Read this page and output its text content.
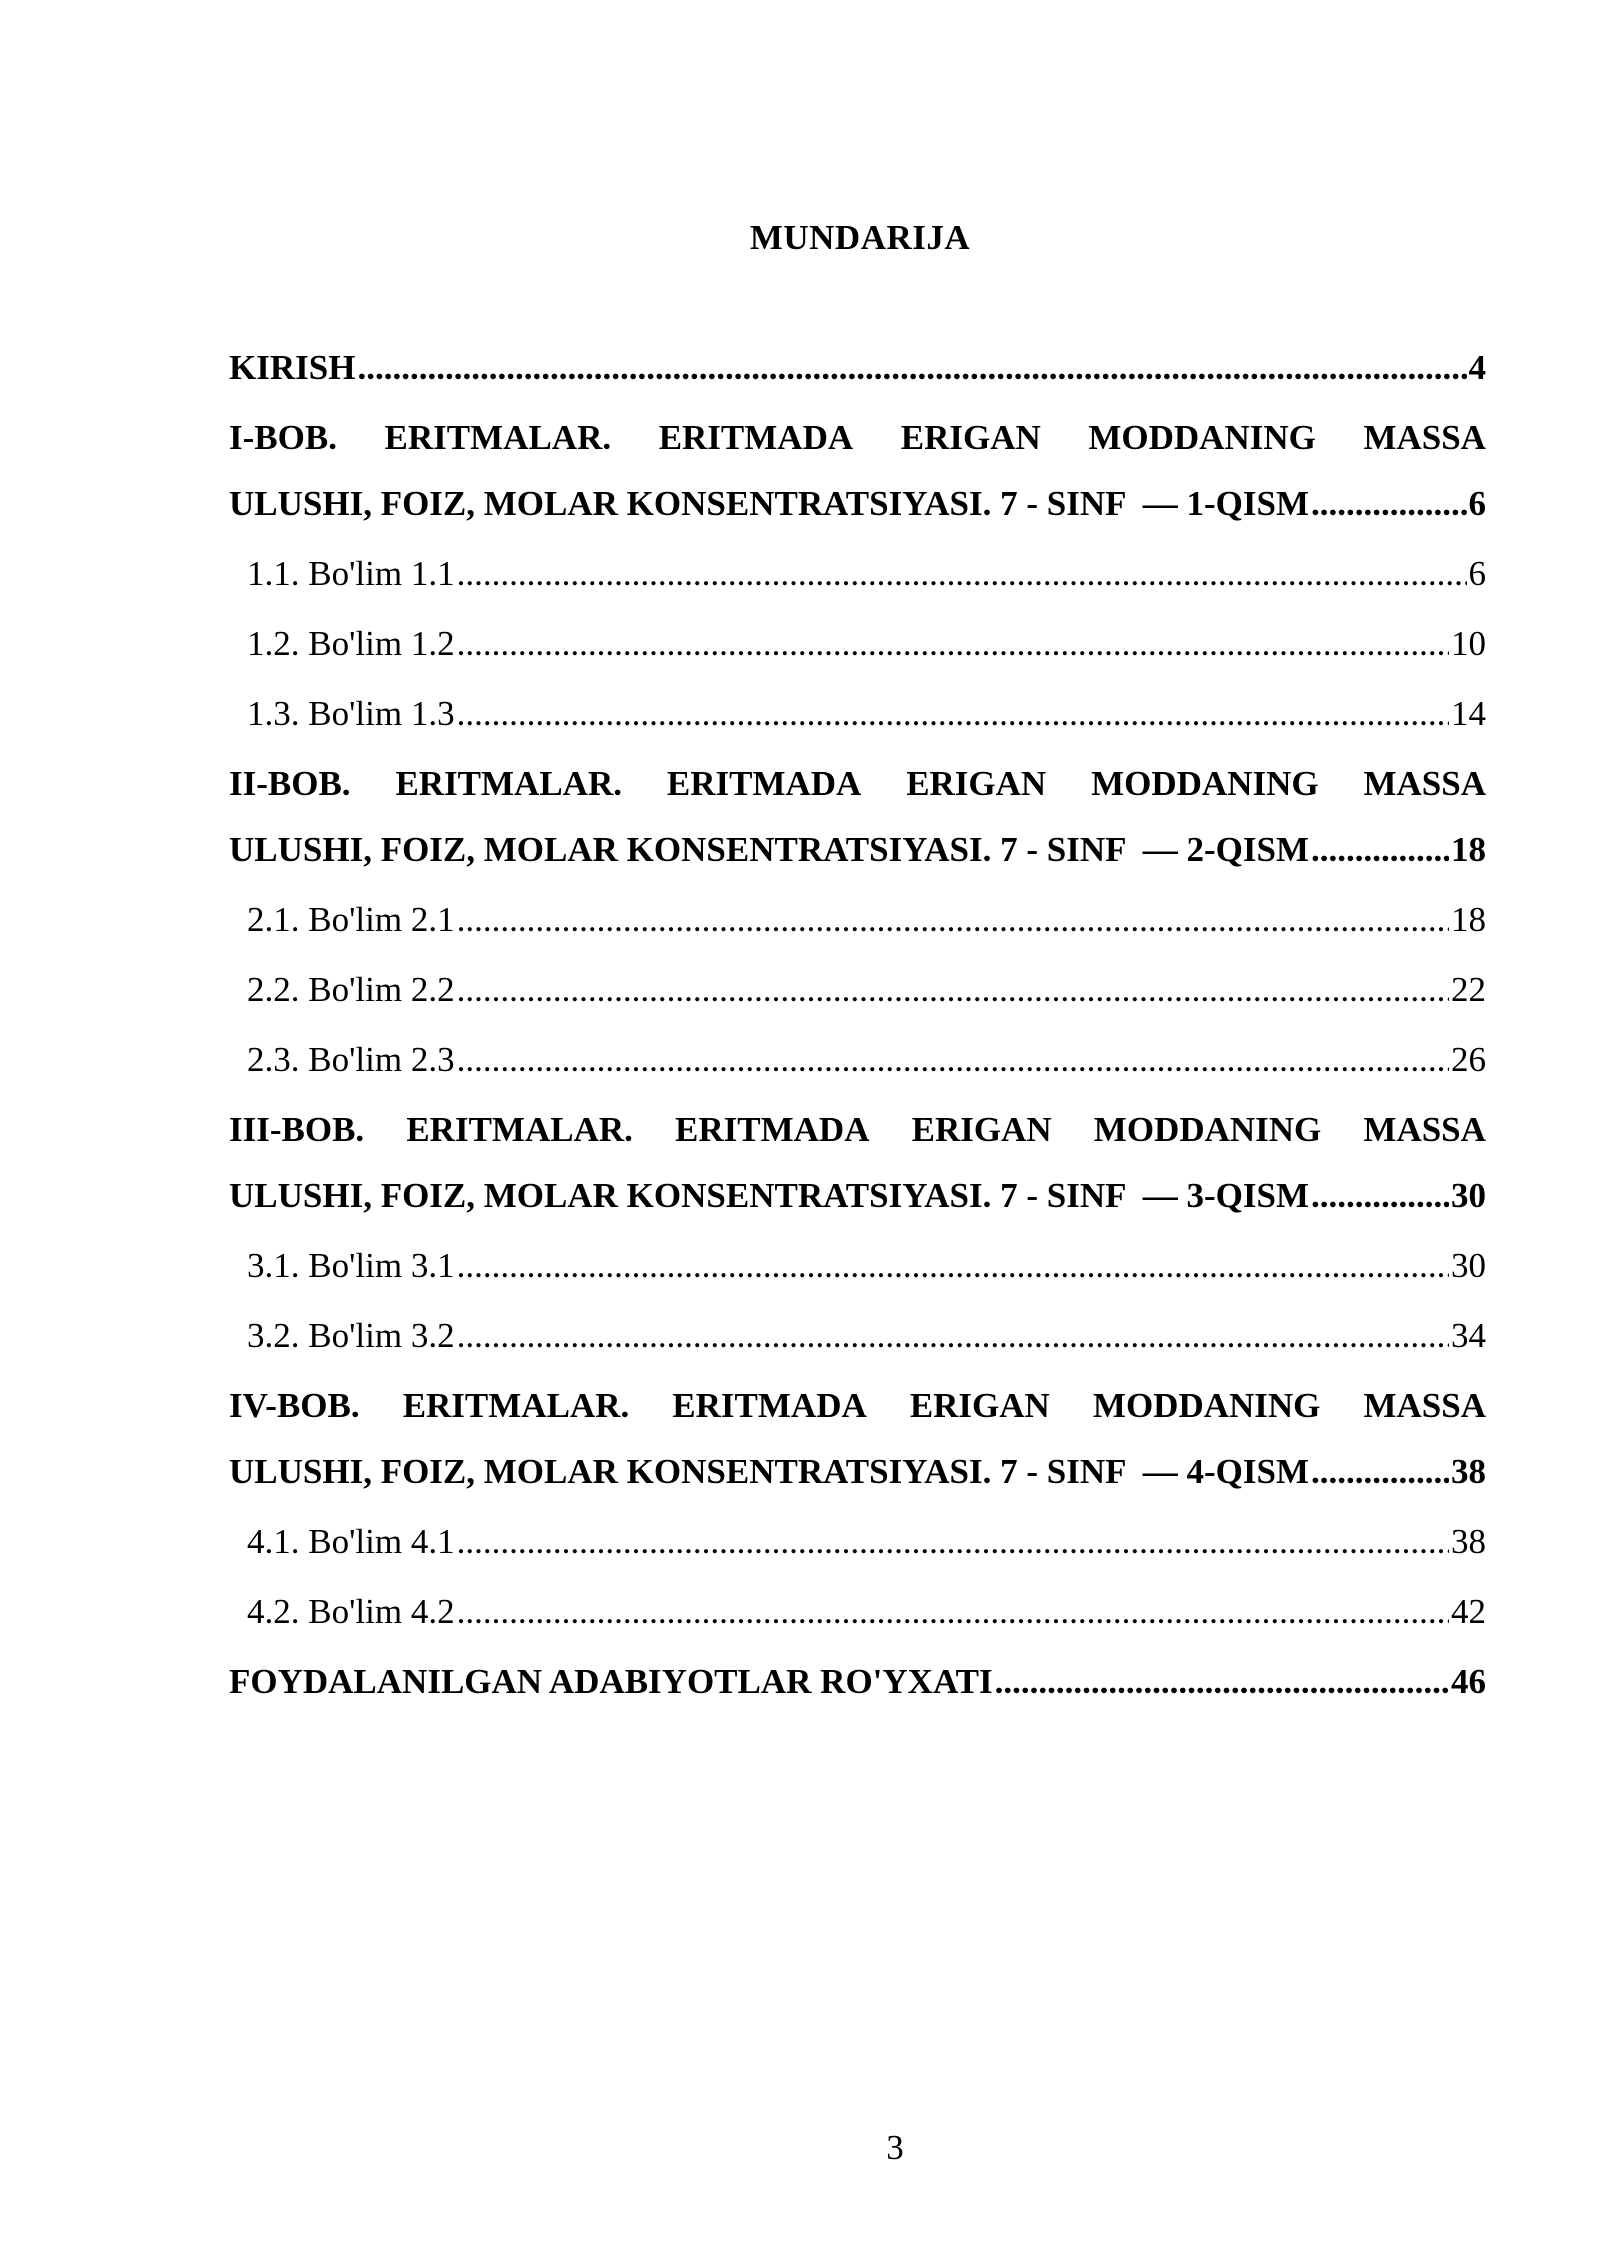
MUNDARIJA
KIRISH .....	4
I-BOB. ERITMALAR. ERITMADA ERIGAN MODDANING MASSA
ULUSHI, FOIZ, MOLAR KONSENTRATSIYASI. 7 - SINF  — 1-QISM .....	6
1.1. Bo'lim 1.1 .....	6
1.2. Bo'lim 1.2 .....	10
1.3. Bo'lim 1.3 .....	14
II-BOB. ERITMALAR. ERITMADA ERIGAN MODDANING MASSA
ULUSHI, FOIZ, MOLAR KONSENTRATSIYASI. 7 - SINF  — 2-QISM .....	18
2.1. Bo'lim 2.1 .....	18
2.2. Bo'lim 2.2 .....	22
2.3. Bo'lim 2.3 .....	26
III-BOB. ERITMALAR. ERITMADA ERIGAN MODDANING MASSA
ULUSHI, FOIZ, MOLAR KONSENTRATSIYASI. 7 - SINF  — 3-QISM .....	30
3.1. Bo'lim 3.1 .....	30
3.2. Bo'lim 3.2 .....	34
IV-BOB. ERITMALAR. ERITMADA ERIGAN MODDANING MASSA
ULUSHI, FOIZ, MOLAR KONSENTRATSIYASI. 7 - SINF  — 4-QISM .....	38
4.1. Bo'lim 4.1 .....	38
4.2. Bo'lim 4.2 .....	42
FOYDALANILGAN ADABIYOTLAR RO'YXATI .....	46
3
